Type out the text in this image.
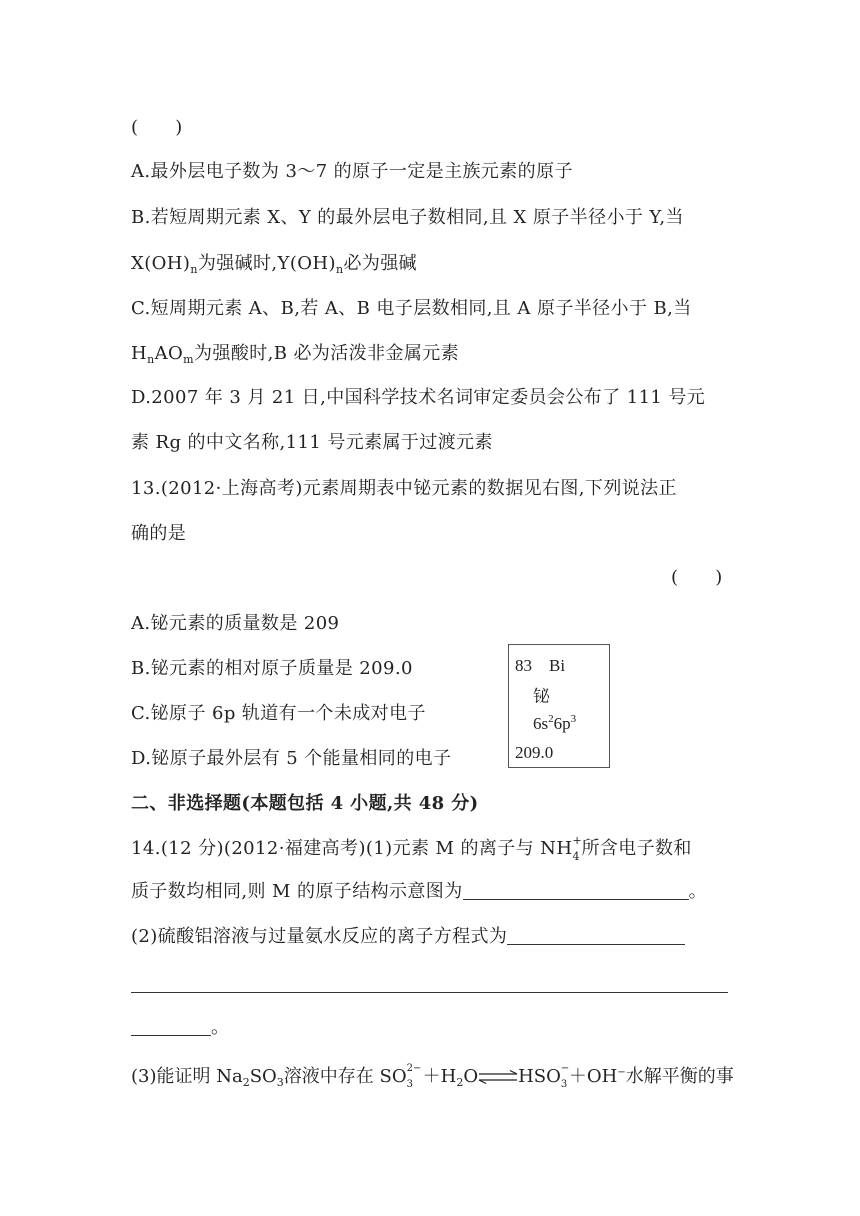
(　　)
A.最外层电子数为 3～7 的原子一定是主族元素的原子
B.若短周期元素 X、Y 的最外层电子数相同,且 X 原子半径小于 Y,当
$X(OH)_n$为强碱时$,Y(OH)_n$必为强碱
C.短周期元素 A、B,若 A、B 电子层数相同,且 A 原子半径小于 B,当
$H_nAO_m$为强酸时,B 必为活泼非金属元素
D.2007 年 3 月 21 日,中国科学技术名词审定委员会公布了 111 号元
素 Rg 的中文名称,111 号元素属于过渡元素
13.(2012·上海高考)元素周期表中铋元素的数据见右图,下列说法正
确的是
(　　)
A.铋元素的质量数是 209
B.铋元素的相对原子质量是 209.0
C.铋原子 6p 轨道有一个未成对电子
D.铋原子最外层有 5 个能量相同的电子
83　Bi
铋
$6s^26p^3$
209.0
二、非选择题(本题包括 4 小题,共 48 分)
14.(12 分)(2012·福建高考)(1)元素 M 的离子与 NH +
4 所含电子数和
质子数均相同,则 M 的原子结构示意图为	。
(2)硫酸铝溶液与过量氨水反应的离子方程式为
。
(3)能证明 $Na_2SO_3$溶液中存在 SO 2−
$3 +H_2O\rightleftharpoons HSO$ −
3 ＋OH−水解平衡的事
